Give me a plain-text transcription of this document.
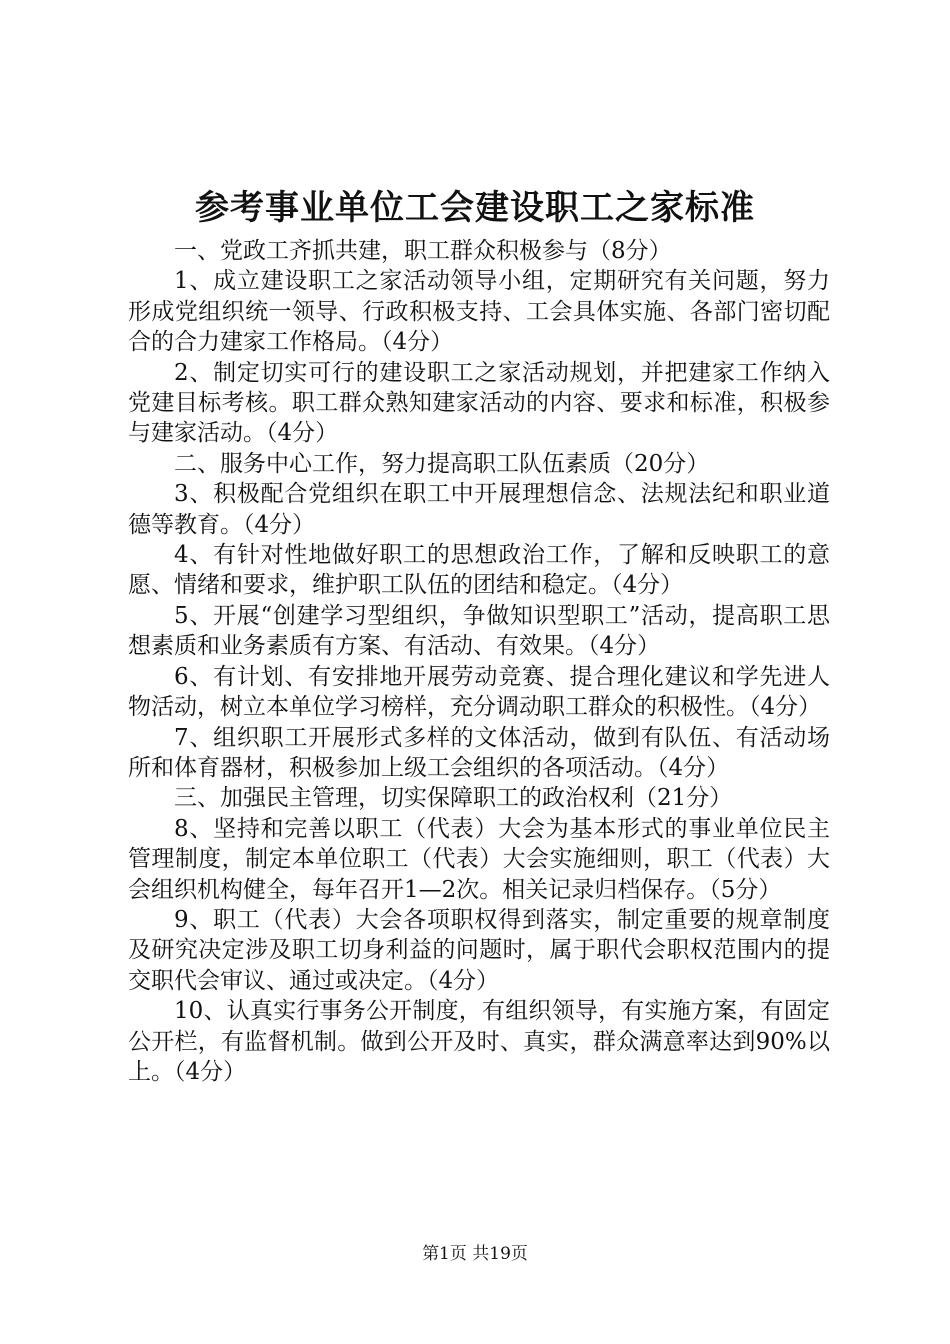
参考事业单位工会建设职工之家标准

一、党政工齐抓共建，职工群众积极参与（8分）

1、成立建设职工之家活动领导小组，定期研究有关问题，努力形成党组织统一领导、行政积极支持、工会具体实施、各部门密切配合的合力建家工作格局。（4分）

2、制定切实可行的建设职工之家活动规划，并把建家工作纳入党建目标考核。职工群众熟知建家活动的内容、要求和标准，积极参与建家活动。（4分）

二、服务中心工作，努力提高职工队伍素质（20分）

3、积极配合党组织在职工中开展理想信念、法规法纪和职业道德等教育。（4分）

4、有针对性地做好职工的思想政治工作，了解和反映职工的意愿、情绪和要求，维护职工队伍的团结和稳定。（4分）

5、开展“创建学习型组织，争做知识型职工”活动，提高职工思想素质和业务素质有方案、有活动、有效果。（4分）

6、有计划、有安排地开展劳动竞赛、提合理化建议和学先进人物活动，树立本单位学习榜样，充分调动职工群众的积极性。（4分）

7、组织职工开展形式多样的文体活动，做到有队伍、有活动场所和体育器材，积极参加上级工会组织的各项活动。（4分）

三、加强民主管理，切实保障职工的政治权利（21分）

8、坚持和完善以职工（代表）大会为基本形式的事业单位民主管理制度，制定本单位职工（代表）大会实施细则，职工（代表）大会组织机构健全，每年召开1—2次。相关记录归档保存。（5分）

9、职工（代表）大会各项职权得到落实，制定重要的规章制度及研究决定涉及职工切身利益的问题时，属于职代会职权范围内的提交职代会审议、通过或决定。（4分）

10、认真实行事务公开制度，有组织领导，有实施方案，有固定公开栏，有监督机制。做到公开及时、真实，群众满意率达到90%以上。（4分）

第1页 共19页
